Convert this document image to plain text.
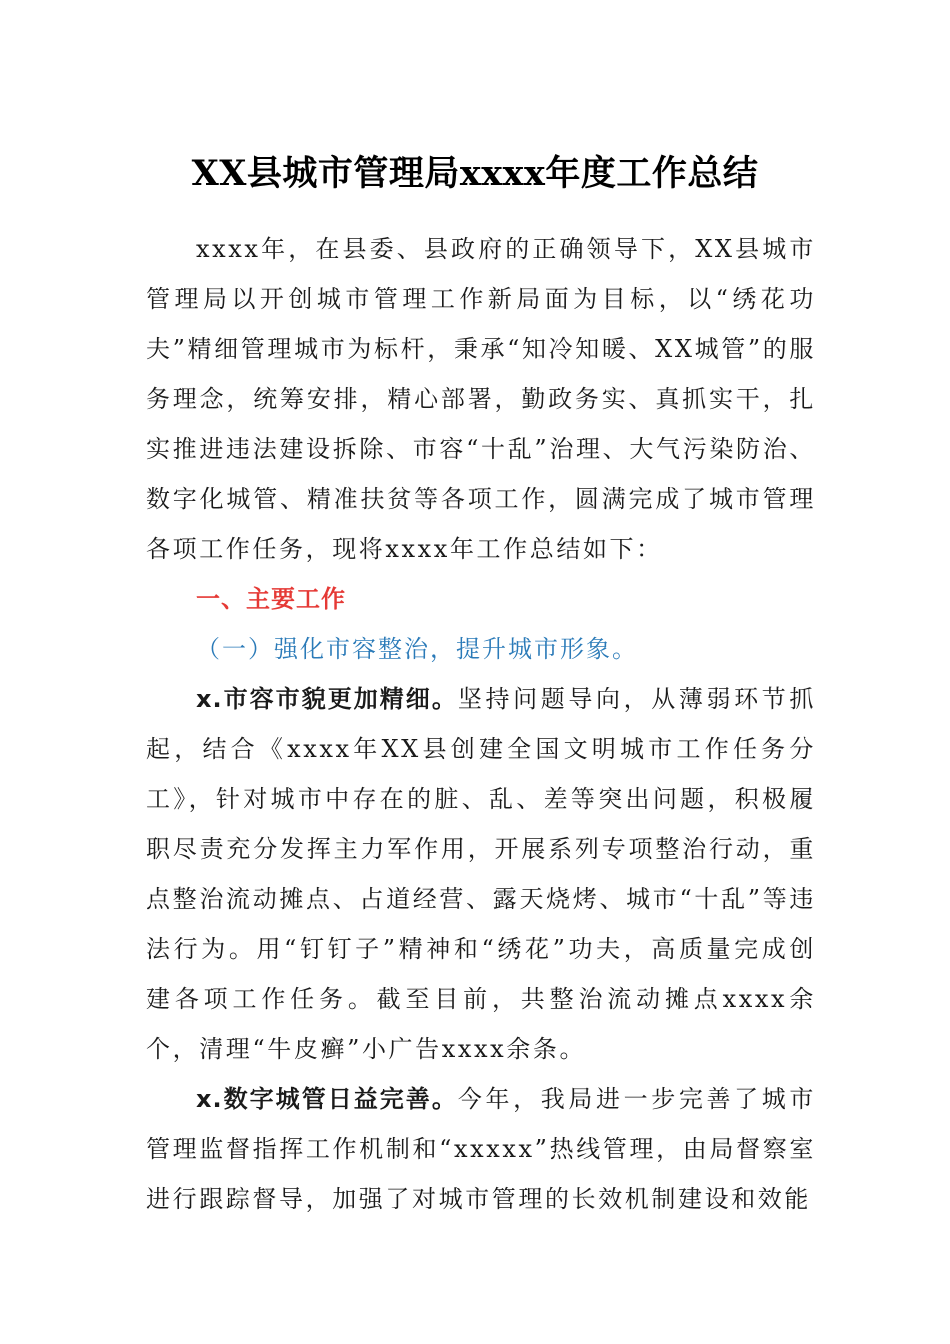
XX县城市管理局xxxx年度工作总结

xxxx年，在县委、县政府的正确领导下，XX县城市管理局以开创城市管理工作新局面为目标，以“绣花功夫”精细管理城市为标杆，秉承“知冷知暖、XX城管”的服务理念，统筹安排，精心部署，勤政务实、真抓实干，扎实推进违法建设拆除、市容“十乱”治理、大气污染防治、数字化城管、精准扶贫等各项工作，圆满完成了城市管理各项工作任务，现将xxxx年工作总结如下：

一、主要工作

（一）强化市容整治，提升城市形象。

x.市容市貌更加精细。坚持问题导向，从薄弱环节抓起，结合《xxxx年XX县创建全国文明城市工作任务分工》，针对城市中存在的脏、乱、差等突出问题，积极履职尽责充分发挥主力军作用，开展系列专项整治行动，重点整治流动摊点、占道经营、露天烧烤、城市“十乱”等违法行为。用“钉钉子”精神和“绣花”功夫，高质量完成创建各项工作任务。截至目前，共整治流动摊点xxxx余个，清理“牛皮癣”小广告xxxx余条。

x.数字城管日益完善。今年，我局进一步完善了城市管理监督指挥工作机制和“xxxxx”热线管理，由局督察室进行跟踪督导，加强了对城市管理的长效机制建设和效能
